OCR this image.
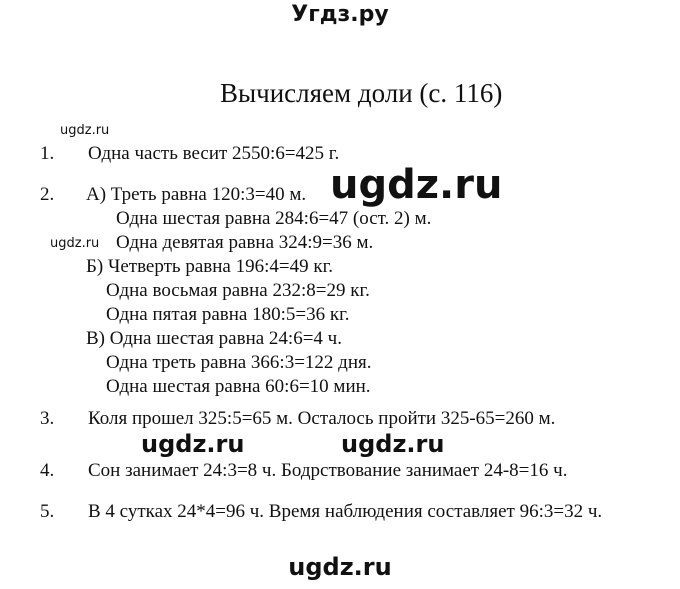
Угдз.ру
Вычисляем доли (с. 116)
ugdz.ru
1. Одна часть весит 2550:6=425 г.
2. А) Треть равна 120:3=40 м. ugdz.ru
Одна шестая равна 284:6=47 (ост. 2) м.
ugdz.ru Одна девятая равна 324:9=36 м.
Б) Четверть равна 196:4=49 кг.
Одна восьмая равна 232:8=29 кг.
Одна пятая равна 180:5=36 кг.
В) Одна шестая равна 24:6=4 ч.
Одна треть равна 366:3=122 дня.
Одна шестая равна 60:6=10 мин.
3. Коля прошел 325:5=65 м. Осталось пройти 325-65=260 м.
ugdz.ru	ugdz.ru
4. Сон занимает 24:3=8 ч. Бодрствование занимает 24-8=16 ч.
5. В 4 сутках 24*4=96 ч. Время наблюдения составляет 96:3=32 ч.
ugdz.ru
